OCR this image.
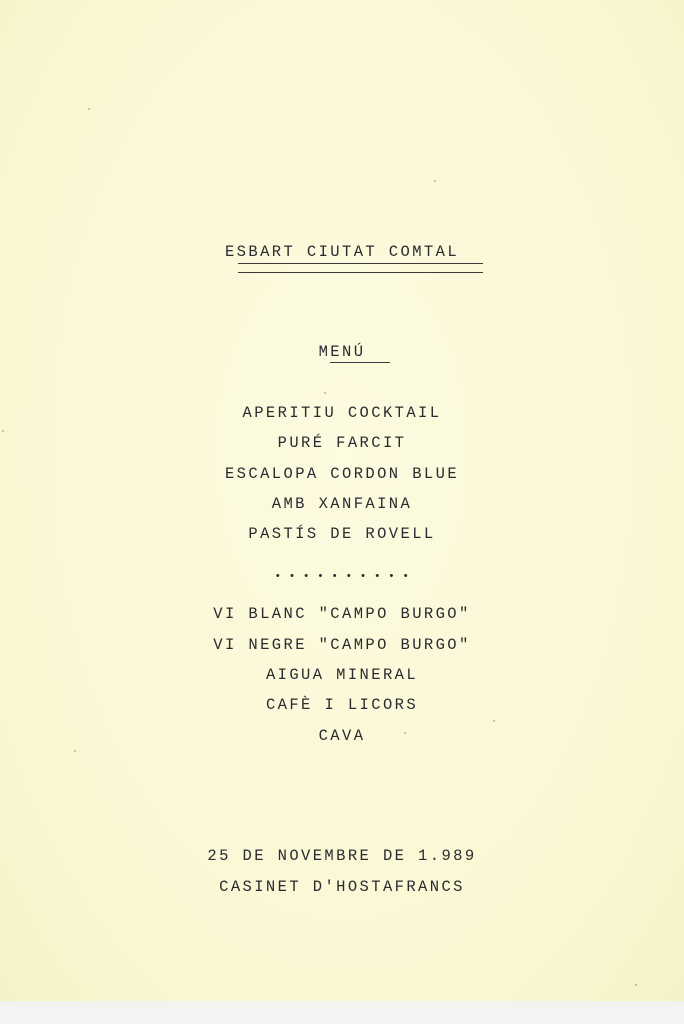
ESBART CIUTAT COMTAL
MENÚ
APERITIU COCKTAIL
PURÉ FARCIT
ESCALOPA CORDON BLUE
AMB XANFAINA
PASTÍS DE ROVELL
• • • • • • • • • •
VI BLANC "CAMPO BURGO"
VI NEGRE "CAMPO BURGO"
AIGUA MINERAL
CAFÈ I LICORS
CAVA
25 DE NOVEMBRE DE 1.989
CASINET D'HOSTAFRANCS
